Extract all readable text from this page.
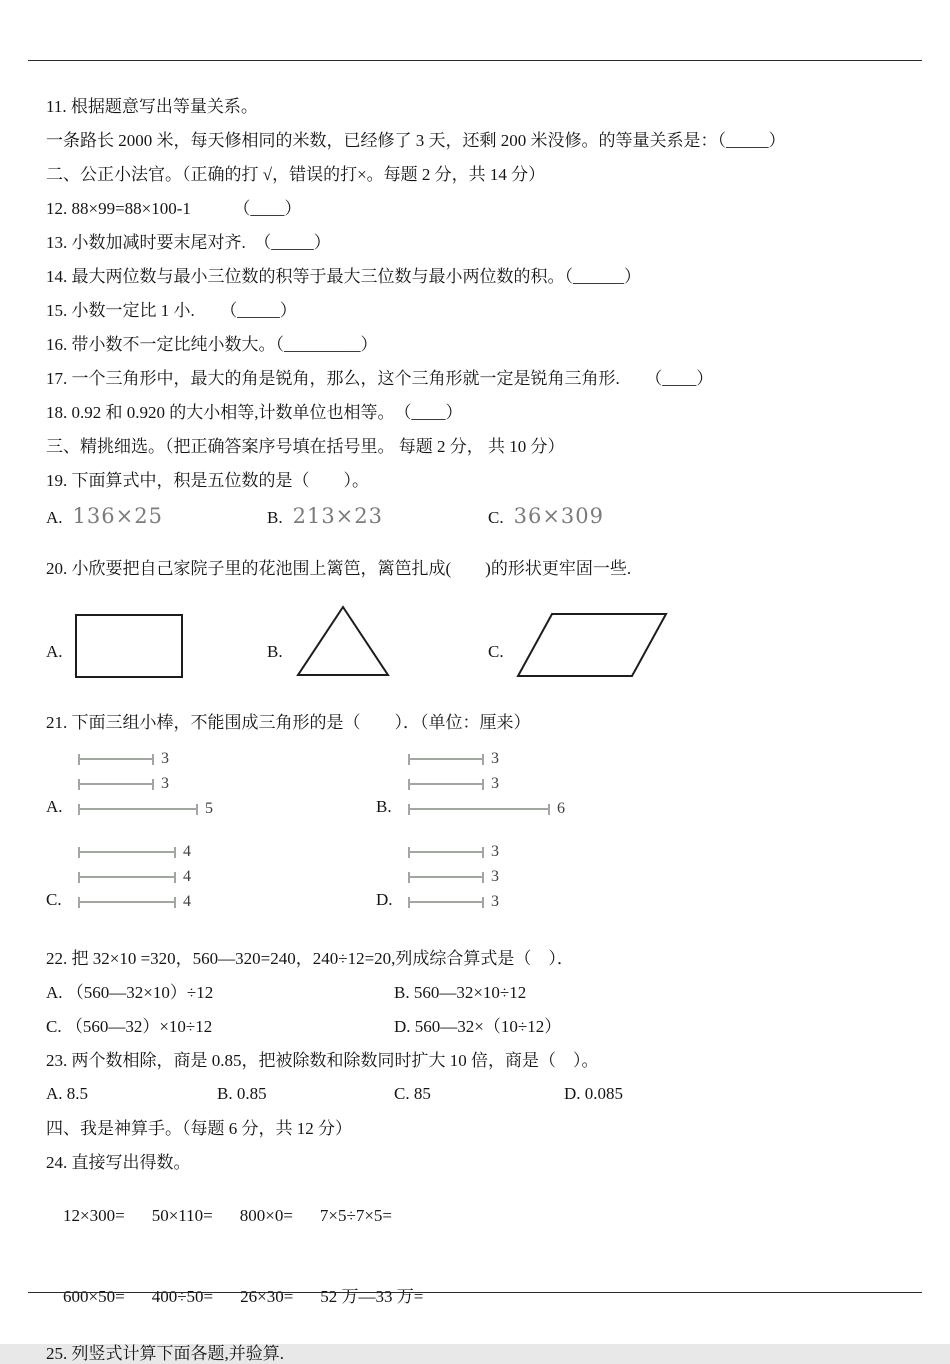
11. 根据题意写出等量关系。
一条路长 2000 米，每天修相同的米数，已经修了 3 天，还剩 200 米没修。的等量关系是：（_____）
二、公正小法官。（正确的打 √，错误的打×。每题 2 分，共 14 分）
12. 88×99=88×100-1　　　（____）
13. 小数加减时要末尾对齐.　（_____）
14. 最大两位数与最小三位数的积等于最大三位数与最小两位数的积。（______）
15. 小数一定比 1 小.　　（_____）
16. 带小数不一定比纯小数大。（_________）
17. 一个三角形中，最大的角是锐角，那么，这个三角形就一定是锐角三角形.　　（____）
18. 0.92 和 0.920 的大小相等,计数单位也相等。　（____）
三、精挑细选。（把正确答案序号填在括号里。 每题 2 分， 共 10 分）
19. 下面算式中，积是五位数的是（　　）。
A. 136×25	B. 213×23	C. 36×309
20. 小欣要把自己家院子里的花池围上篱笆，篱笆扎成(　　)的形状更牢固一些.
A.	B.	C.
21. 下面三组小棒，不能围成三角形的是（　　）．（单位：厘来）
A.
3
3
5	B.
3
3
6
C.
4
4
4	D.
3
3
3
22. 把 32×10 =320，560—320=240，240÷12=20,列成综合算式是（　）．
A. （560—32×10）÷12	B. 560—32×10÷12
C. （560—32）×10÷12	D. 560—32×（10÷12）
23. 两个数相除，商是 0.85，把被除数和除数同时扩大 10 倍，商是（　）。
A. 8.5	B. 0.85	C. 85	D. 0.085
四、我是神算手。（每题 6 分，共 12 分）
24. 直接写出得数。

12×300= 50×110= 800×0= 7×5÷7×5=

600×50= 400÷50= 26×30= 52 万—33 万=

25. 列竖式计算下面各题,并验算.
